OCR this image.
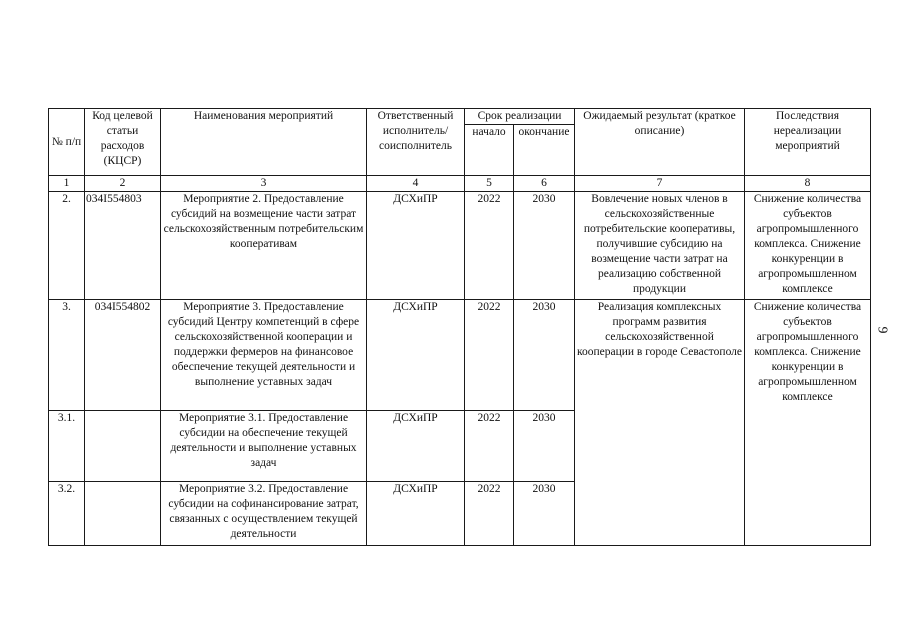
№ п/п	Код целевой статьи расходов (КЦСР)	Наименования мероприятий	Ответственный исполнитель/ соисполнитель	Срок реализации		Ожидаемый результат (краткое описание)	Последствия нереализации мероприятий
				начало	окончание		
1	2	3	4	5	6	7	8
2.	034I554803	Мероприятие 2. Предоставление субсидий на возмещение части затрат сельскохозяйственным потребительским кооперативам	ДСХиПР	2022	2030	Вовлечение новых членов в сельскохозяйственные потребительские кооперативы, получившие субсидию на возмещение части затрат на реализацию собственной продукции	Снижение количества субъектов агропромышленного комплекса. Снижение конкуренции в агропромышленном комплексе
3.	034I554802	Мероприятие 3. Предоставление субсидий Центру компетенций в сфере сельскохозяйственной кооперации и поддержки фермеров на финансовое обеспечение текущей деятельности и выполнение уставных задач	ДСХиПР	2022	2030	Реализация комплексных программ развития сельскохозяйственной кооперации в городе Севастополе	Снижение количества субъектов агропромышленного комплекса. Снижение конкуренции в агропромышленном комплексе
3.1.		Мероприятие 3.1. Предоставление субсидии на обеспечение текущей деятельности и выполнение уставных задач	ДСХиПР	2022	2030		
3.2.		Мероприятие 3.2. Предоставление субсидии на софинансирование затрат, связанных с осуществлением текущей деятельности	ДСХиПР	2022	2030		
9
